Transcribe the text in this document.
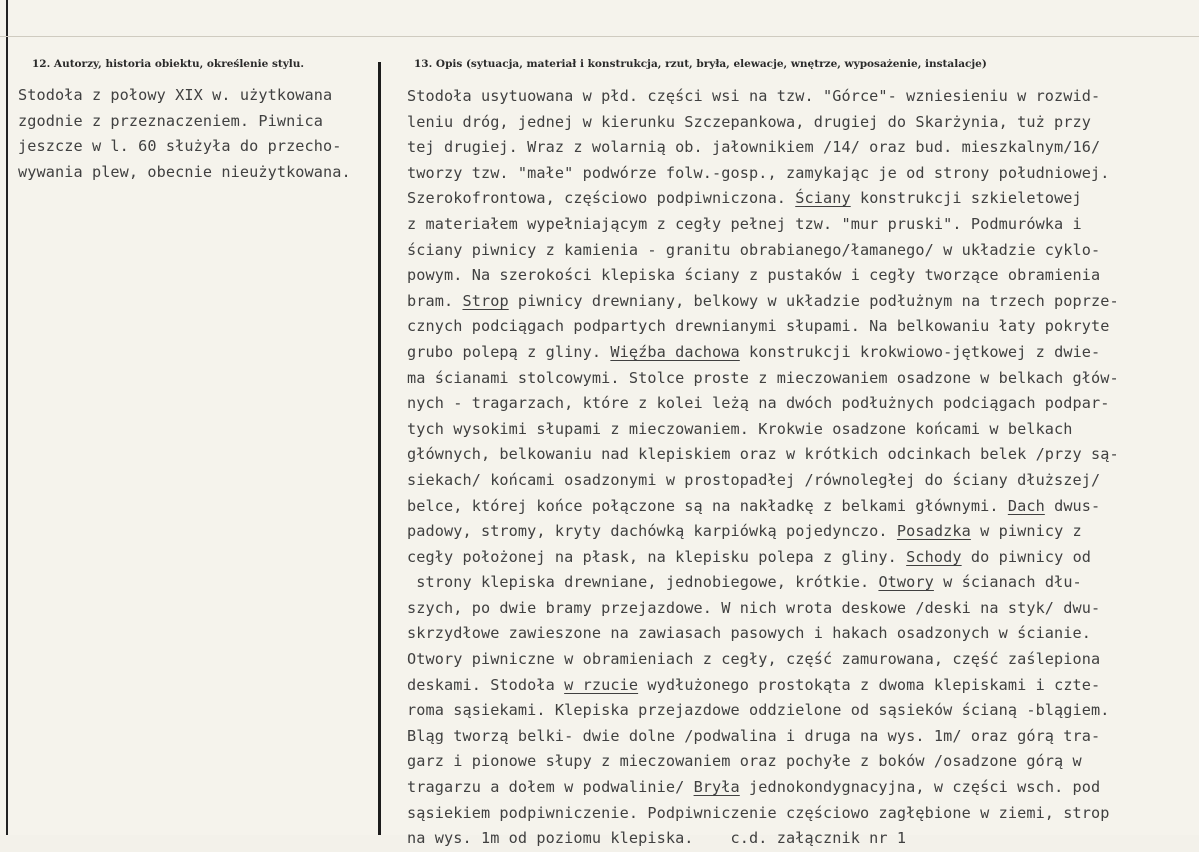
12. Autorzy, historia obiektu, określenie stylu.	13. Opis (sytuacja, materiał i konstrukcja, rzut, bryła, elewacje, wnętrze, wyposażenie, instalacje)
Stodoła z połowy XIX w. użytkowana
zgodnie z przeznaczeniem. Piwnica
jeszcze w l. 60 służyła do przecho-
wywania plew, obecnie nieużytkowana.
Stodoła usytuowana w płd. części wsi na tzw. "Górce"- wzniesieniu w rozwid-
leniu dróg, jednej w kierunku Szczepankowa, drugiej do Skarżynia, tuż przy
tej drugiej. Wraz z wolarnią ob. jałownikiem /14/ oraz bud. mieszkalnym/16/
tworzy tzw. "małe" podwórze folw.-gosp., zamykając je od strony południowej.
Szerokofrontowa, częściowo podpiwniczona. Ściany konstrukcji szkieletowej
z materiałem wypełniającym z cegły pełnej tzw. "mur pruski". Podmurówka i
ściany piwnicy z kamienia - granitu obrabianego/łamanego/ w układzie cyklo-
powym. Na szerokości klepiska ściany z pustaków i cegły tworzące obramienia
bram. Strop piwnicy drewniany, belkowy w układzie podłużnym na trzech poprze-
cznych podciągach podpartych drewnianymi słupami. Na belkowaniu łaty pokryte
grubo polepą z gliny. Więźba dachowa konstrukcji krokwiowo-jętkowej z dwie-
ma ścianami stolcowymi. Stolce proste z mieczowaniem osadzone w belkach głów-
nych - tragarzach, które z kolei leżą na dwóch podłużnych podciągach podpar-
tych wysokimi słupami z mieczowaniem. Krokwie osadzone końcami w belkach
głównych, belkowaniu nad klepiskiem oraz w krótkich odcinkach belek /przy są-
siekach/ końcami osadzonymi w prostopadłej /równoległej do ściany dłuższej/
belce, której końce połączone są na nakładkę z belkami głównymi. Dach dwus-
padowy, stromy, kryty dachówką karpiówką pojedynczo. Posadzka w piwnicy z
cegły położonej na płask, na klepisku polepa z gliny. Schody do piwnicy od
strony klepiska drewniane, jednobiegowe, krótkie. Otwory w ścianach dłu-
szych, po dwie bramy przejazdowe. W nich wrota deskowe /deski na styk/ dwu-
skrzydłowe zawieszone na zawiasach pasowych i hakach osadzonych w ścianie.
Otwory piwniczne w obramieniach z cegły, część zamurowana, część zaślepiona
deskami. Stodoła w rzucie wydłużonego prostokąta z dwoma klepiskami i czte-
roma sąsiekami. Klepiska przejazdowe oddzielone od sąsieków ścianą -blągiem.
Bląg tworzą belki- dwie dolne /podwalina i druga na wys. 1m/ oraz górą tra-
garz i pionowe słupy z mieczowaniem oraz pochyłe z boków /osadzone górą w
tragarzu a dołem w podwalinie/ Bryła jednokondygnacyjna, w części wsch. pod
sąsiekiem podpiwniczenie. Podpiwniczenie częściowo zagłębione w ziemi, strop
na wys. 1m od poziomu klepiska.    c.d. załącznik nr 1
